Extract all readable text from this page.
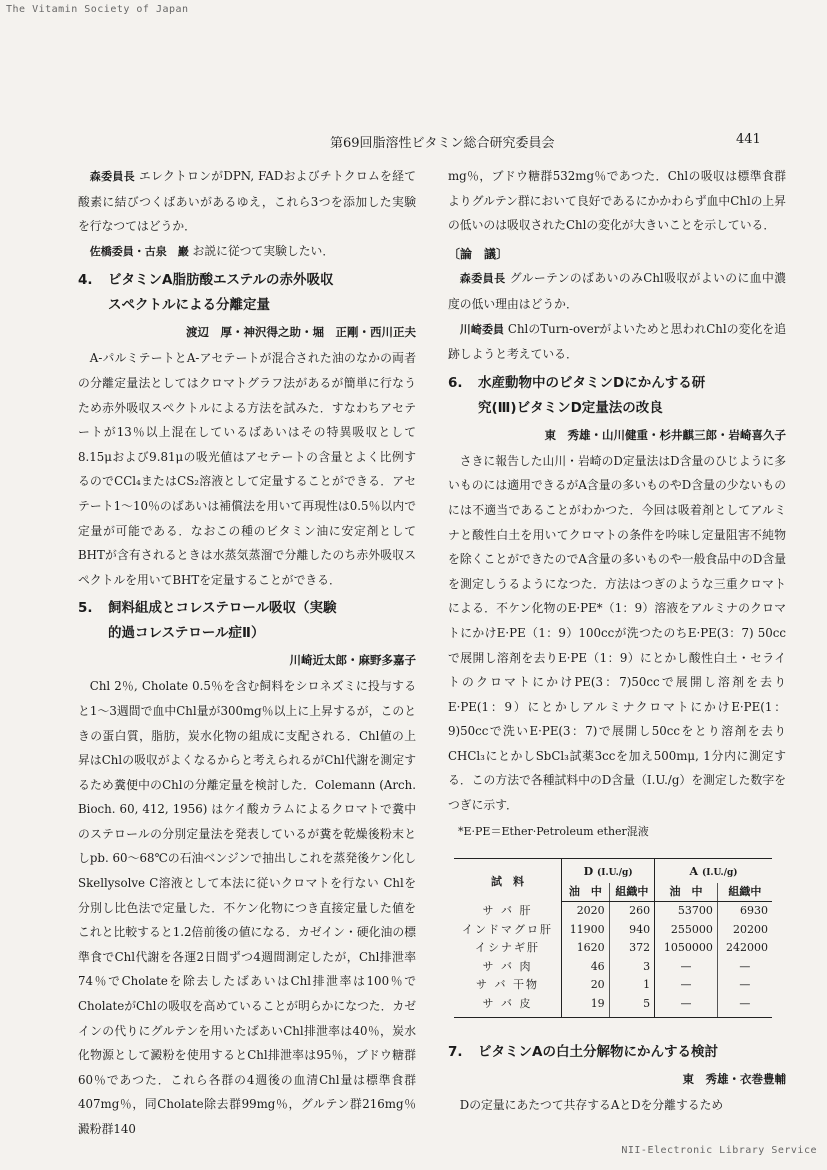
The Vitamin Society of Japan
第69回脂溶性ビタミン総合研究委員会	441

森委員長 エレクトロンがDPN, FADおよびチトクロムを経て酸素に結びつくばあいがあるゆえ，これら3つを添加した実験を行なつてはどうか．

佐橋委員・古泉　巖 お説に従つて実験したい．

4. ビタミンA脂肪酸エステルの赤外吸収
スペクトルによる分離定量
渡辺　厚・神沢得之助・堀　正剛・西川正夫

A-パルミテートとA-アセテートが混合された油のなかの両者の分離定量法としてはクロマトグラフ法があるが簡単に行なうため赤外吸収スペクトルによる方法を試みた．すなわちアセテートが13％以上混在しているばあいはその特異吸収として8.15μおよび9.81μの吸光値はアセテートの含量とよく比例するのでCCl₄またはCS₂溶液として定量することができる．アセテート1〜10％のばあいは補償法を用いて再現性は0.5％以内で定量が可能である．なおこの種のビタミン油に安定剤としてBHTが含有されるときは水蒸気蒸溜で分離したのち赤外吸収スペクトルを用いてBHTを定量することができる．

5. 飼料組成とコレステロール吸収（実験
的過コレステロール症Ⅱ）
川崎近太郎・麻野多嘉子

Chl 2％, Cholate 0.5％を含む飼料をシロネズミに投与すると1〜3週間で血中Chl量が300mg％以上に上昇するが，このときの蛋白質，脂肪，炭水化物の組成に支配される．Chl値の上昇はChlの吸収がよくなるからと考えられるがChl代謝を測定するため糞便中のChlの分離定量を検討した．Colemann (Arch. Bioch. 60, 412, 1956) はケイ酸カラムによるクロマトで糞中のステロールの分別定量法を発表しているが糞を乾燥後粉末としpb. 60〜68℃の石油ベンジンで抽出しこれを蒸発後ケン化しSkellysolve C溶液として本法に従いクロマトを行ない Chlを分別し比色法で定量した．不ケン化物につき直接定量した値をこれと比較すると1.2倍前後の値になる．カゼイン・硬化油の標準食でChl代謝を各運2日間ずつ4週間測定したが，Chl排泄率74％でCholateを除去したばあいはChl排泄率は100％でCholateがChlの吸収を高めていることが明らかになつた．カゼインの代りにグルテンを用いたばあいChl排泄率は40％，炭水化物源として澱粉を使用するとChl排泄率は95％，ブドウ糖群60％であつた．これら各群の4週後の血清Chl量は標準食群407mg％，同Cholate除去群99mg％，グルテン群216mg％澱粉群140

mg％，ブドウ糖群532mg％であつた．Chlの吸収は標準食群よりグルテン群において良好であるにかかわらず血中Chlの上昇の低いのは吸収されたChlの変化が大きいことを示している．

〔論　議〕

森委員長 グルーテンのばあいのみChl吸収がよいのに血中濃度の低い理由はどうか．

川崎委員 ChlのTurn-overがよいためと思われChlの変化を追跡しようと考えている．

6. 水産動物中のビタミンDにかんする研
究(Ⅲ)ビタミンD定量法の改良
東　秀雄・山川健重・杉井麒三郎・岩崎喜久子

さきに報告した山川・岩崎のD定量法はD含量のひじように多いものには適用できるがA含量の多いものやD含量の少ないものには不適当であることがわかつた．今回は吸着剤としてアルミナと酸性白土を用いてクロマトの条件を吟味し定量阻害不純物を除くことができたのでA含量の多いものや一般食品中のD含量を測定しうるようになつた．方法はつぎのような三重クロマトによる．不ケン化物のE·PE*（1：9）溶液をアルミナのクロマトにかけE·PE（1：9）100ccが洗つたのちE·PE(3：7) 50ccで展開し溶剤を去りE·PE（1：9）にとかし酸性白土・セライトのクロマトにかけPE(3：7)50ccで展開し溶剤を去りE·PE(1：9）にとかしアルミナクロマトにかけE·PE(1：9)50ccで洗いE·PE(3：7)で展開し50ccをとり溶剤を去りCHCl₃にとかしSbCl₃試薬3ccを加え500mμ, 1分内に測定する．この方法で各種試料中のD含量（I.U./g）を測定した数字をつぎに示す．

*E·PE＝Ether·Petroleum ether混液
試　料	D (I.U./g)		A (I.U./g)	
	油　中	組織中	油　中	組織中
サ バ 肝	2020	260	53700	6930
インドマグロ肝	11900	940	255000	20200
イシナギ肝	1620	372	1050000	242000
サ バ 肉	46	3	—	—
サ バ 干物	20	1	—	—
サ バ 皮	19	5	—	—
7. ビタミンAの白土分解物にかんする検討
東　秀雄・衣巻豊輔

Dの定量にあたつて共存するAとDを分離するため

NII-Electronic Library Service
